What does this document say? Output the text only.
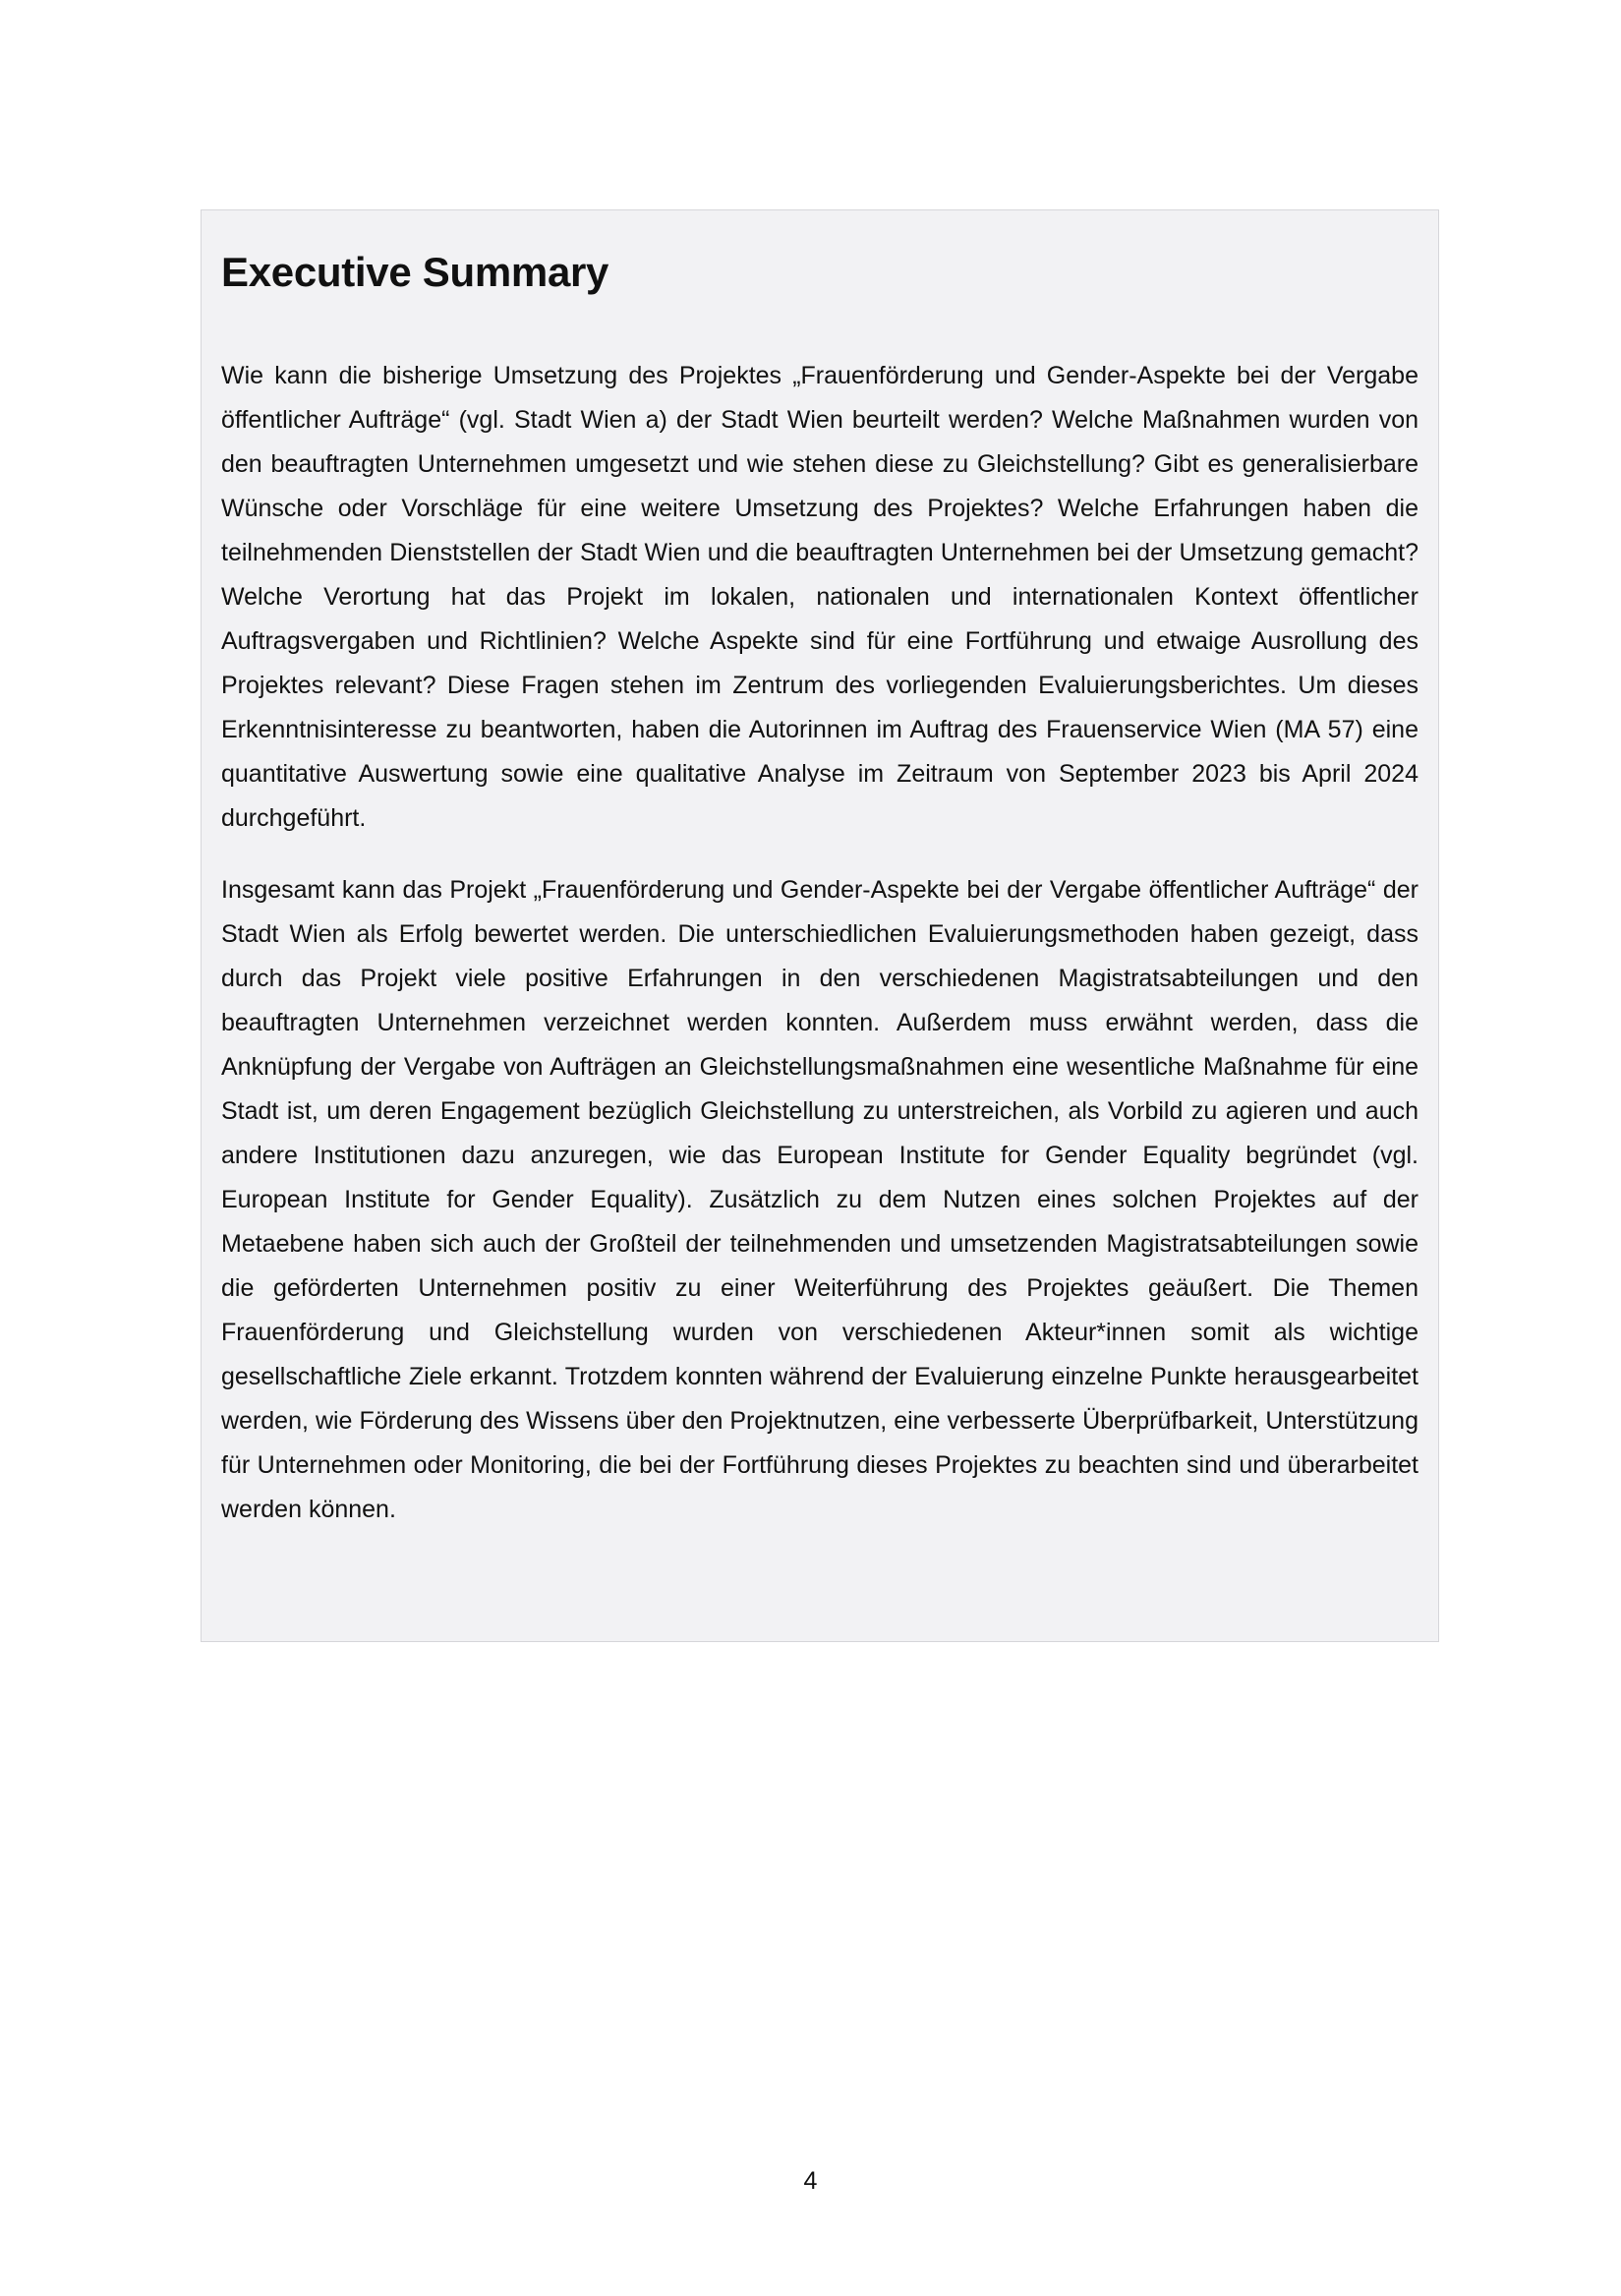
Executive Summary

Wie kann die bisherige Umsetzung des Projektes „Frauenförderung und Gender-Aspekte bei der Vergabe öffentlicher Aufträge“ (vgl. Stadt Wien a) der Stadt Wien beurteilt werden? Welche Maßnahmen wurden von den beauftragten Unternehmen umgesetzt und wie stehen diese zu Gleichstellung? Gibt es generalisierbare Wünsche oder Vorschläge für eine weitere Umsetzung des Projektes? Welche Erfahrungen haben die teilnehmenden Dienststellen der Stadt Wien und die beauftragten Unternehmen bei der Umsetzung gemacht? Welche Verortung hat das Projekt im lokalen, nationalen und internationalen Kontext öffentlicher Auftragsvergaben und Richtlinien? Welche Aspekte sind für eine Fortführung und etwaige Ausrollung des Projektes relevant? Diese Fragen stehen im Zentrum des vorliegenden Evaluierungsberichtes. Um dieses Erkenntnisinteresse zu beantworten, haben die Autorinnen im Auftrag des Frauenservice Wien (MA 57) eine quantitative Auswertung sowie eine qualitative Analyse im Zeitraum von September 2023 bis April 2024 durchgeführt.

Insgesamt kann das Projekt „Frauenförderung und Gender-Aspekte bei der Vergabe öffentlicher Aufträge“ der Stadt Wien als Erfolg bewertet werden. Die unterschiedlichen Evaluierungsmethoden haben gezeigt, dass durch das Projekt viele positive Erfahrungen in den verschiedenen Magistratsabteilungen und den beauftragten Unternehmen verzeichnet werden konnten. Außerdem muss erwähnt werden, dass die Anknüpfung der Vergabe von Aufträgen an Gleichstellungsmaßnahmen eine wesentliche Maßnahme für eine Stadt ist, um deren Engagement bezüglich Gleichstellung zu unterstreichen, als Vorbild zu agieren und auch andere Institutionen dazu anzuregen, wie das European Institute for Gender Equality begründet (vgl. European Institute for Gender Equality). Zusätzlich zu dem Nutzen eines solchen Projektes auf der Metaebene haben sich auch der Großteil der teilnehmenden und umsetzenden Magistratsabteilungen sowie die geförderten Unternehmen positiv zu einer Weiterführung des Projektes geäußert. Die Themen Frauenförderung und Gleichstellung wurden von verschiedenen Akteur*innen somit als wichtige gesellschaftliche Ziele erkannt. Trotzdem konnten während der Evaluierung einzelne Punkte herausgearbeitet werden, wie Förderung des Wissens über den Projektnutzen, eine verbesserte Überprüfbarkeit, Unterstützung für Unternehmen oder Monitoring, die bei der Fortführung dieses Projektes zu beachten sind und überarbeitet werden können.

4
